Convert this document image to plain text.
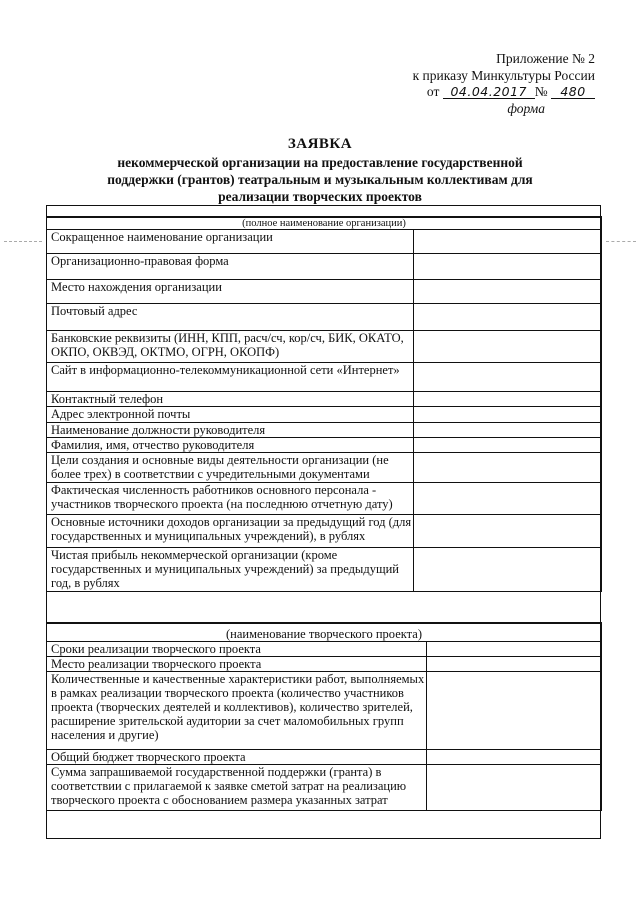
Приложение № 2
к приказу Минкультуры России
от 04.04.2017 № 480
форма
ЗАЯВКА
некоммерческой организации на предоставление государственной поддержки (грантов) театральным и музыкальным коллективам для реализации творческих проектов
(полное наименование организации)	
Сокращенное наименование организации	
Организационно-правовая форма	
Место нахождения организации	
Почтовый адрес	
Банковские реквизиты (ИНН, КПП, расч/сч, кор/сч, БИК, ОКАТО, ОКПО, ОКВЭД, ОКТМО, ОГРН, ОКОПФ)	
Сайт в информационно-телекоммуникационной сети «Интернет»	
Контактный телефон	
Адрес электронной почты	
Наименование должности руководителя	
Фамилия, имя, отчество руководителя	
Цели создания и основные виды деятельности организации (не более трех) в соответствии с учредительными документами	
Фактическая численность работников основного персонала - участников творческого проекта (на последнюю отчетную дату)	
Основные источники доходов организации за предыдущий год (для государственных и муниципальных учреждений), в рублях	
Чистая прибыль некоммерческой организации (кроме государственных и муниципальных учреждений) за предыдущий год, в рублях	
(наименование творческого проекта)	
Сроки реализации творческого проекта	
Место реализации творческого проекта	
Количественные и качественные характеристики работ, выполняемых в рамках реализации творческого проекта (количество участников проекта (творческих деятелей и коллективов), количество зрителей, расширение зрительской аудитории за счет маломобильных групп населения и другие)	
Общий бюджет творческого проекта	
Сумма запрашиваемой государственной поддержки (гранта) в соответствии с прилагаемой к заявке сметой затрат на реализацию творческого проекта с обоснованием размера указанных затрат	
